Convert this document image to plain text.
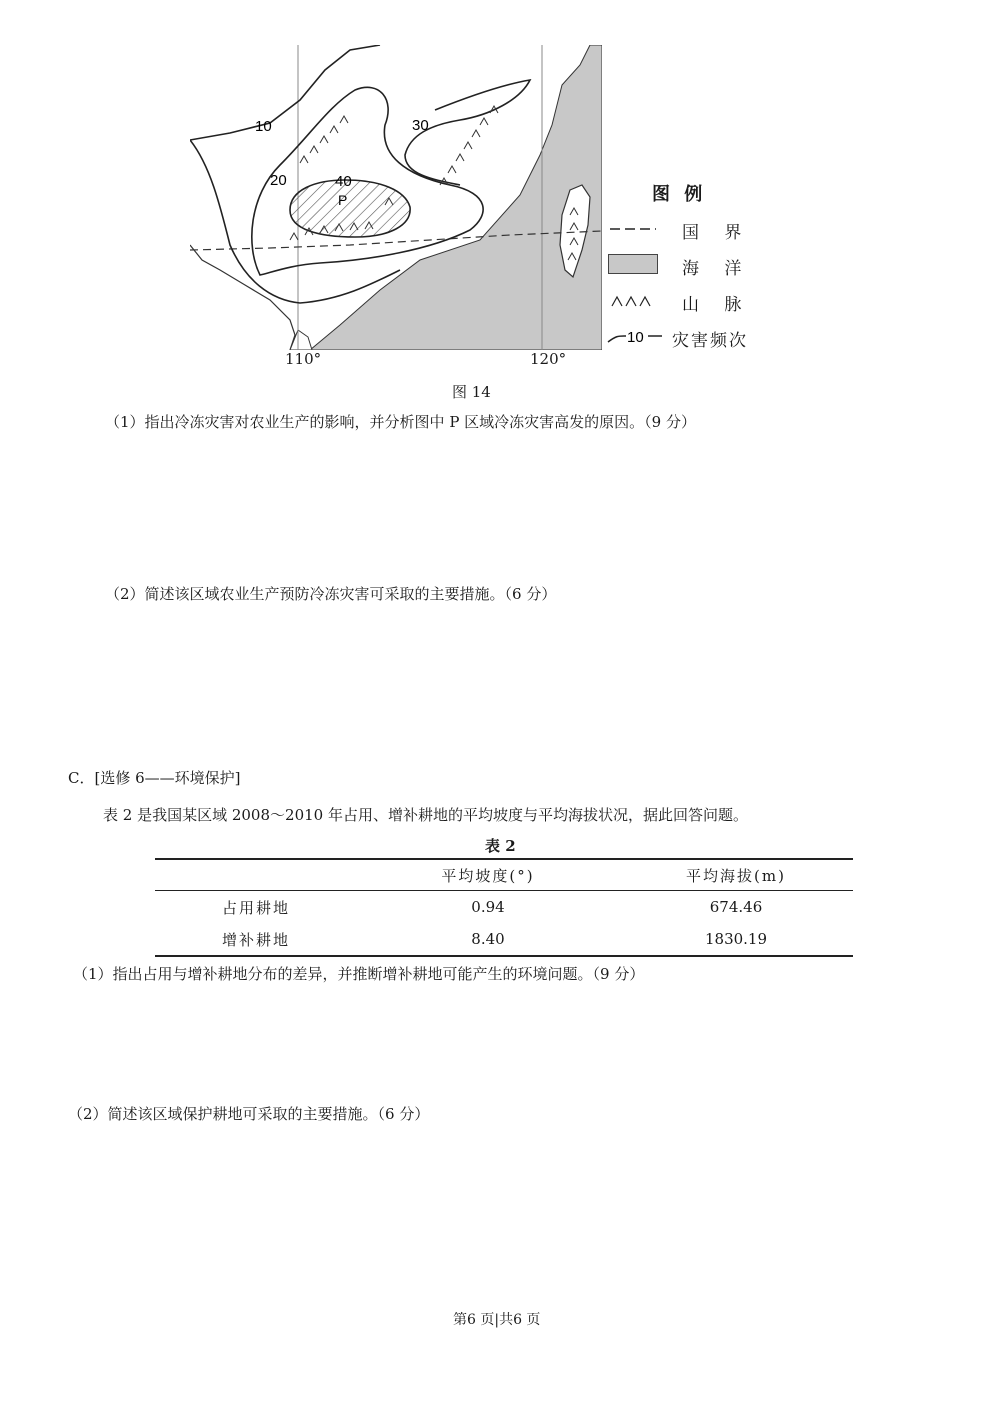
10
20
30
40
P
110°	120°
图 例
国 界
海 洋
山 脉
10 灾害频次
图 14
（1）指出冷冻灾害对农业生产的影响，并分析图中 P 区域冷冻灾害高发的原因。（9 分）
（2）简述该区域农业生产预防冷冻灾害可采取的主要措施。（6 分）
C．[选修 6——环境保护]
表 2 是我国某区域 2008～2010 年占用、增补耕地的平均坡度与平均海拔状况，据此回答问题。
表 2
	平均坡度(°)	平均海拔(m)
占用耕地	0.94	674.46
增补耕地	8.40	1830.19
（1）指出占用与增补耕地分布的差异，并推断增补耕地可能产生的环境问题。（9 分）
（2）简述该区域保护耕地可采取的主要措施。（6 分）
第6 页|共6 页
